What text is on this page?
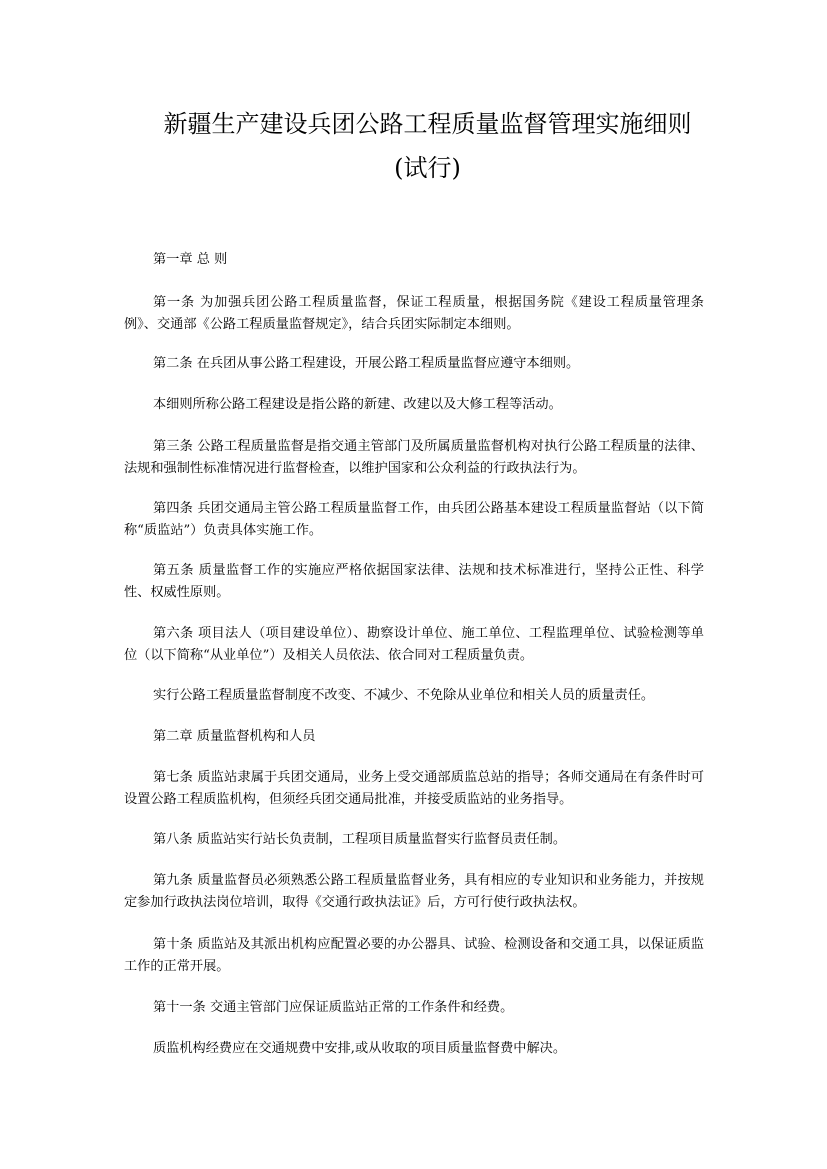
新疆生产建设兵团公路工程质量监督管理实施细则
(试行)

第一章 总 则

第一条 为加强兵团公路工程质量监督，保证工程质量，根据国务院《建设工程质量管理条例》、交通部《公路工程质量监督规定》，结合兵团实际制定本细则。

第二条 在兵团从事公路工程建设，开展公路工程质量监督应遵守本细则。

本细则所称公路工程建设是指公路的新建、改建以及大修工程等活动。

第三条 公路工程质量监督是指交通主管部门及所属质量监督机构对执行公路工程质量的法律、法规和强制性标准情况进行监督检查，以维护国家和公众利益的行政执法行为。

第四条 兵团交通局主管公路工程质量监督工作，由兵团公路基本建设工程质量监督站（以下简称“质监站”）负责具体实施工作。

第五条 质量监督工作的实施应严格依据国家法律、法规和技术标准进行，坚持公正性、科学性、权威性原则。

第六条 项目法人（项目建设单位）、勘察设计单位、施工单位、工程监理单位、试验检测等单位（以下简称“从业单位”）及相关人员依法、依合同对工程质量负责。

实行公路工程质量监督制度不改变、不减少、不免除从业单位和相关人员的质量责任。

第二章 质量监督机构和人员

第七条 质监站隶属于兵团交通局，业务上受交通部质监总站的指导；各师交通局在有条件时可设置公路工程质监机构，但须经兵团交通局批准，并接受质监站的业务指导。

第八条 质监站实行站长负责制，工程项目质量监督实行监督员责任制。

第九条 质量监督员必须熟悉公路工程质量监督业务，具有相应的专业知识和业务能力，并按规定参加行政执法岗位培训，取得《交通行政执法证》后，方可行使行政执法权。

第十条 质监站及其派出机构应配置必要的办公器具、试验、检测设备和交通工具，以保证质监工作的正常开展。

第十一条 交通主管部门应保证质监站正常的工作条件和经费。

质监机构经费应在交通规费中安排,或从收取的项目质量监督费中解决。
